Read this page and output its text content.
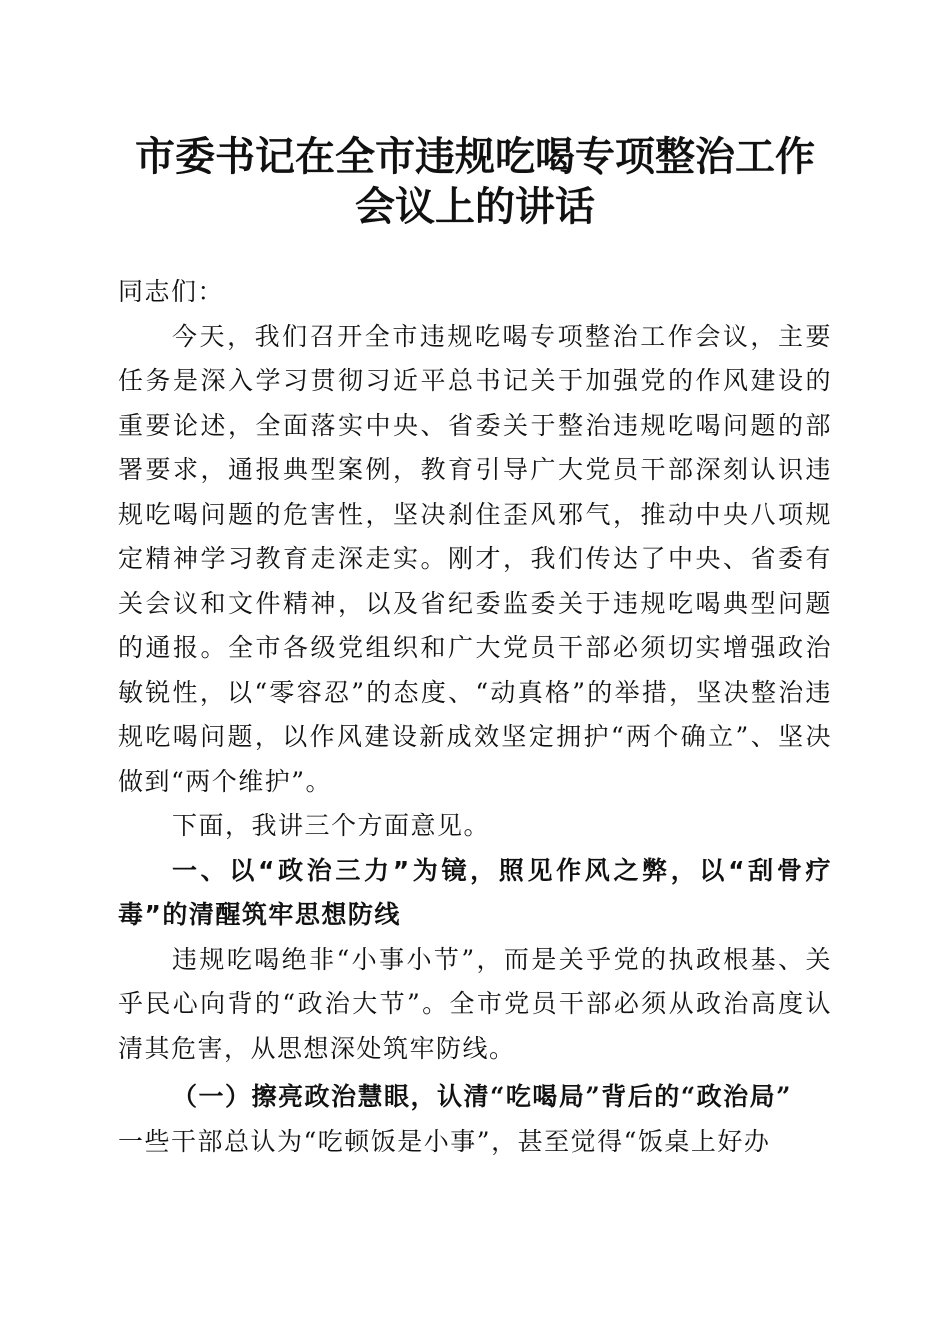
市委书记在全市违规吃喝专项整治工作会议上的讲话

同志们：

今天，我们召开全市违规吃喝专项整治工作会议，主要任务是深入学习贯彻习近平总书记关于加强党的作风建设的重要论述，全面落实中央、省委关于整治违规吃喝问题的部署要求，通报典型案例，教育引导广大党员干部深刻认识违规吃喝问题的危害性，坚决刹住歪风邪气，推动中央八项规定精神学习教育走深走实。刚才，我们传达了中央、省委有关会议和文件精神，以及省纪委监委关于违规吃喝典型问题的通报。全市各级党组织和广大党员干部必须切实增强政治敏锐性，以“零容忍”的态度、“动真格”的举措，坚决整治违规吃喝问题，以作风建设新成效坚定拥护“两个确立”、坚决做到“两个维护”。

下面，我讲三个方面意见。

一、以“政治三力”为镜，照见作风之弊，以“刮骨疗毒”的清醒筑牢思想防线

违规吃喝绝非“小事小节”，而是关乎党的执政根基、关乎民心向背的“政治大节”。全市党员干部必须从政治高度认清其危害，从思想深处筑牢防线。

（一）擦亮政治慧眼，认清“吃喝局”背后的“政治局”

一些干部总认为“吃顿饭是小事”，甚至觉得“饭桌上好办
